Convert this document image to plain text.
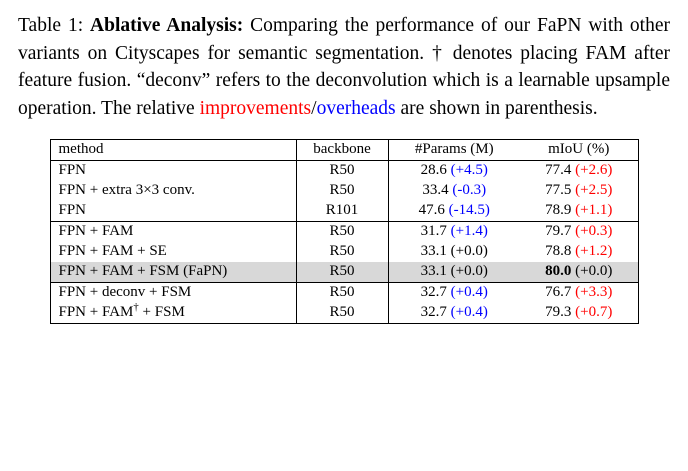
Table 1: Ablative Analysis: Comparing the performance of our FaPN with other variants on Cityscapes for semantic segmentation. † denotes placing FAM after feature fusion. “deconv” refers to the deconvolution which is a learnable upsample operation. The relative improvements/overheads are shown in parenthesis.

method	backbone	#Params (M)	mIoU (%)
FPN	R50	28.6 (+4.5)	77.4 (+2.6)
FPN + extra 3×3 conv.	R50	33.4 (-0.3)	77.5 (+2.5)
FPN	R101	47.6 (-14.5)	78.9 (+1.1)
FPN + FAM	R50	31.7 (+1.4)	79.7 (+0.3)
FPN + FAM + SE	R50	33.1 (+0.0)	78.8 (+1.2)
FPN + FAM + FSM (FaPN)	R50	33.1 (+0.0)	80.0 (+0.0)
FPN + deconv + FSM	R50	32.7 (+0.4)	76.7 (+3.3)
FPN + FAM† + FSM	R50	32.7 (+0.4)	79.3 (+0.7)
